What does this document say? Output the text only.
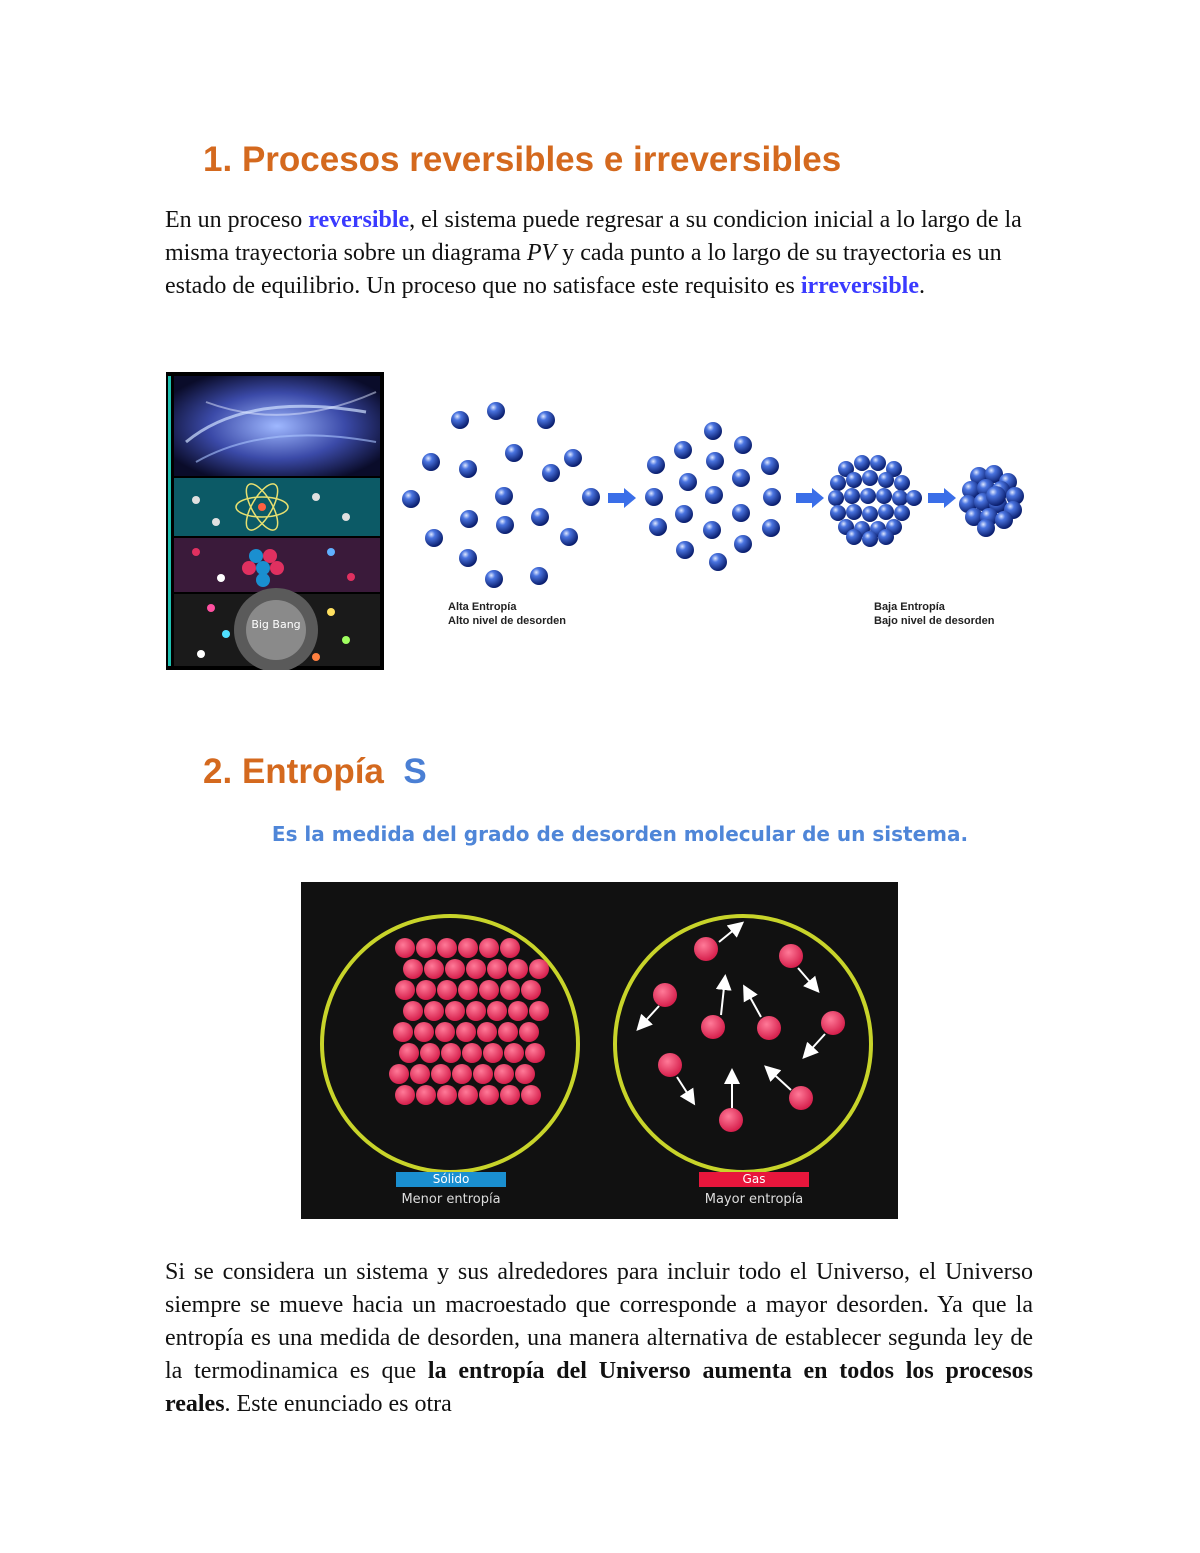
1. Procesos reversibles e irreversibles
En un proceso reversible, el sistema puede regresar a su condicion inicial a lo largo de la misma trayectoria sobre un diagrama PV y cada punto a lo largo de su trayectoria es un estado de equilibrio. Un proceso que no satisface este requisito es irreversible.
Big Bang
Alta Entropía
Alto nivel de desorden
Baja Entropía
Bajo nivel de desorden
2. Entropía S
Es la medida del grado de desorden molecular de un sistema.
Sólido	Gas
Menor entropía	Mayor entropía
Si se considera un sistema y sus alrededores para incluir todo el Universo, el Universo siempre se mueve hacia un macroestado que corresponde a mayor desorden. Ya que la entropía es una medida de desorden, una manera alternativa de establecer segunda ley de la termodinamica es que la entropía del Universo aumenta en todos los procesos reales. Este enunciado es otra
